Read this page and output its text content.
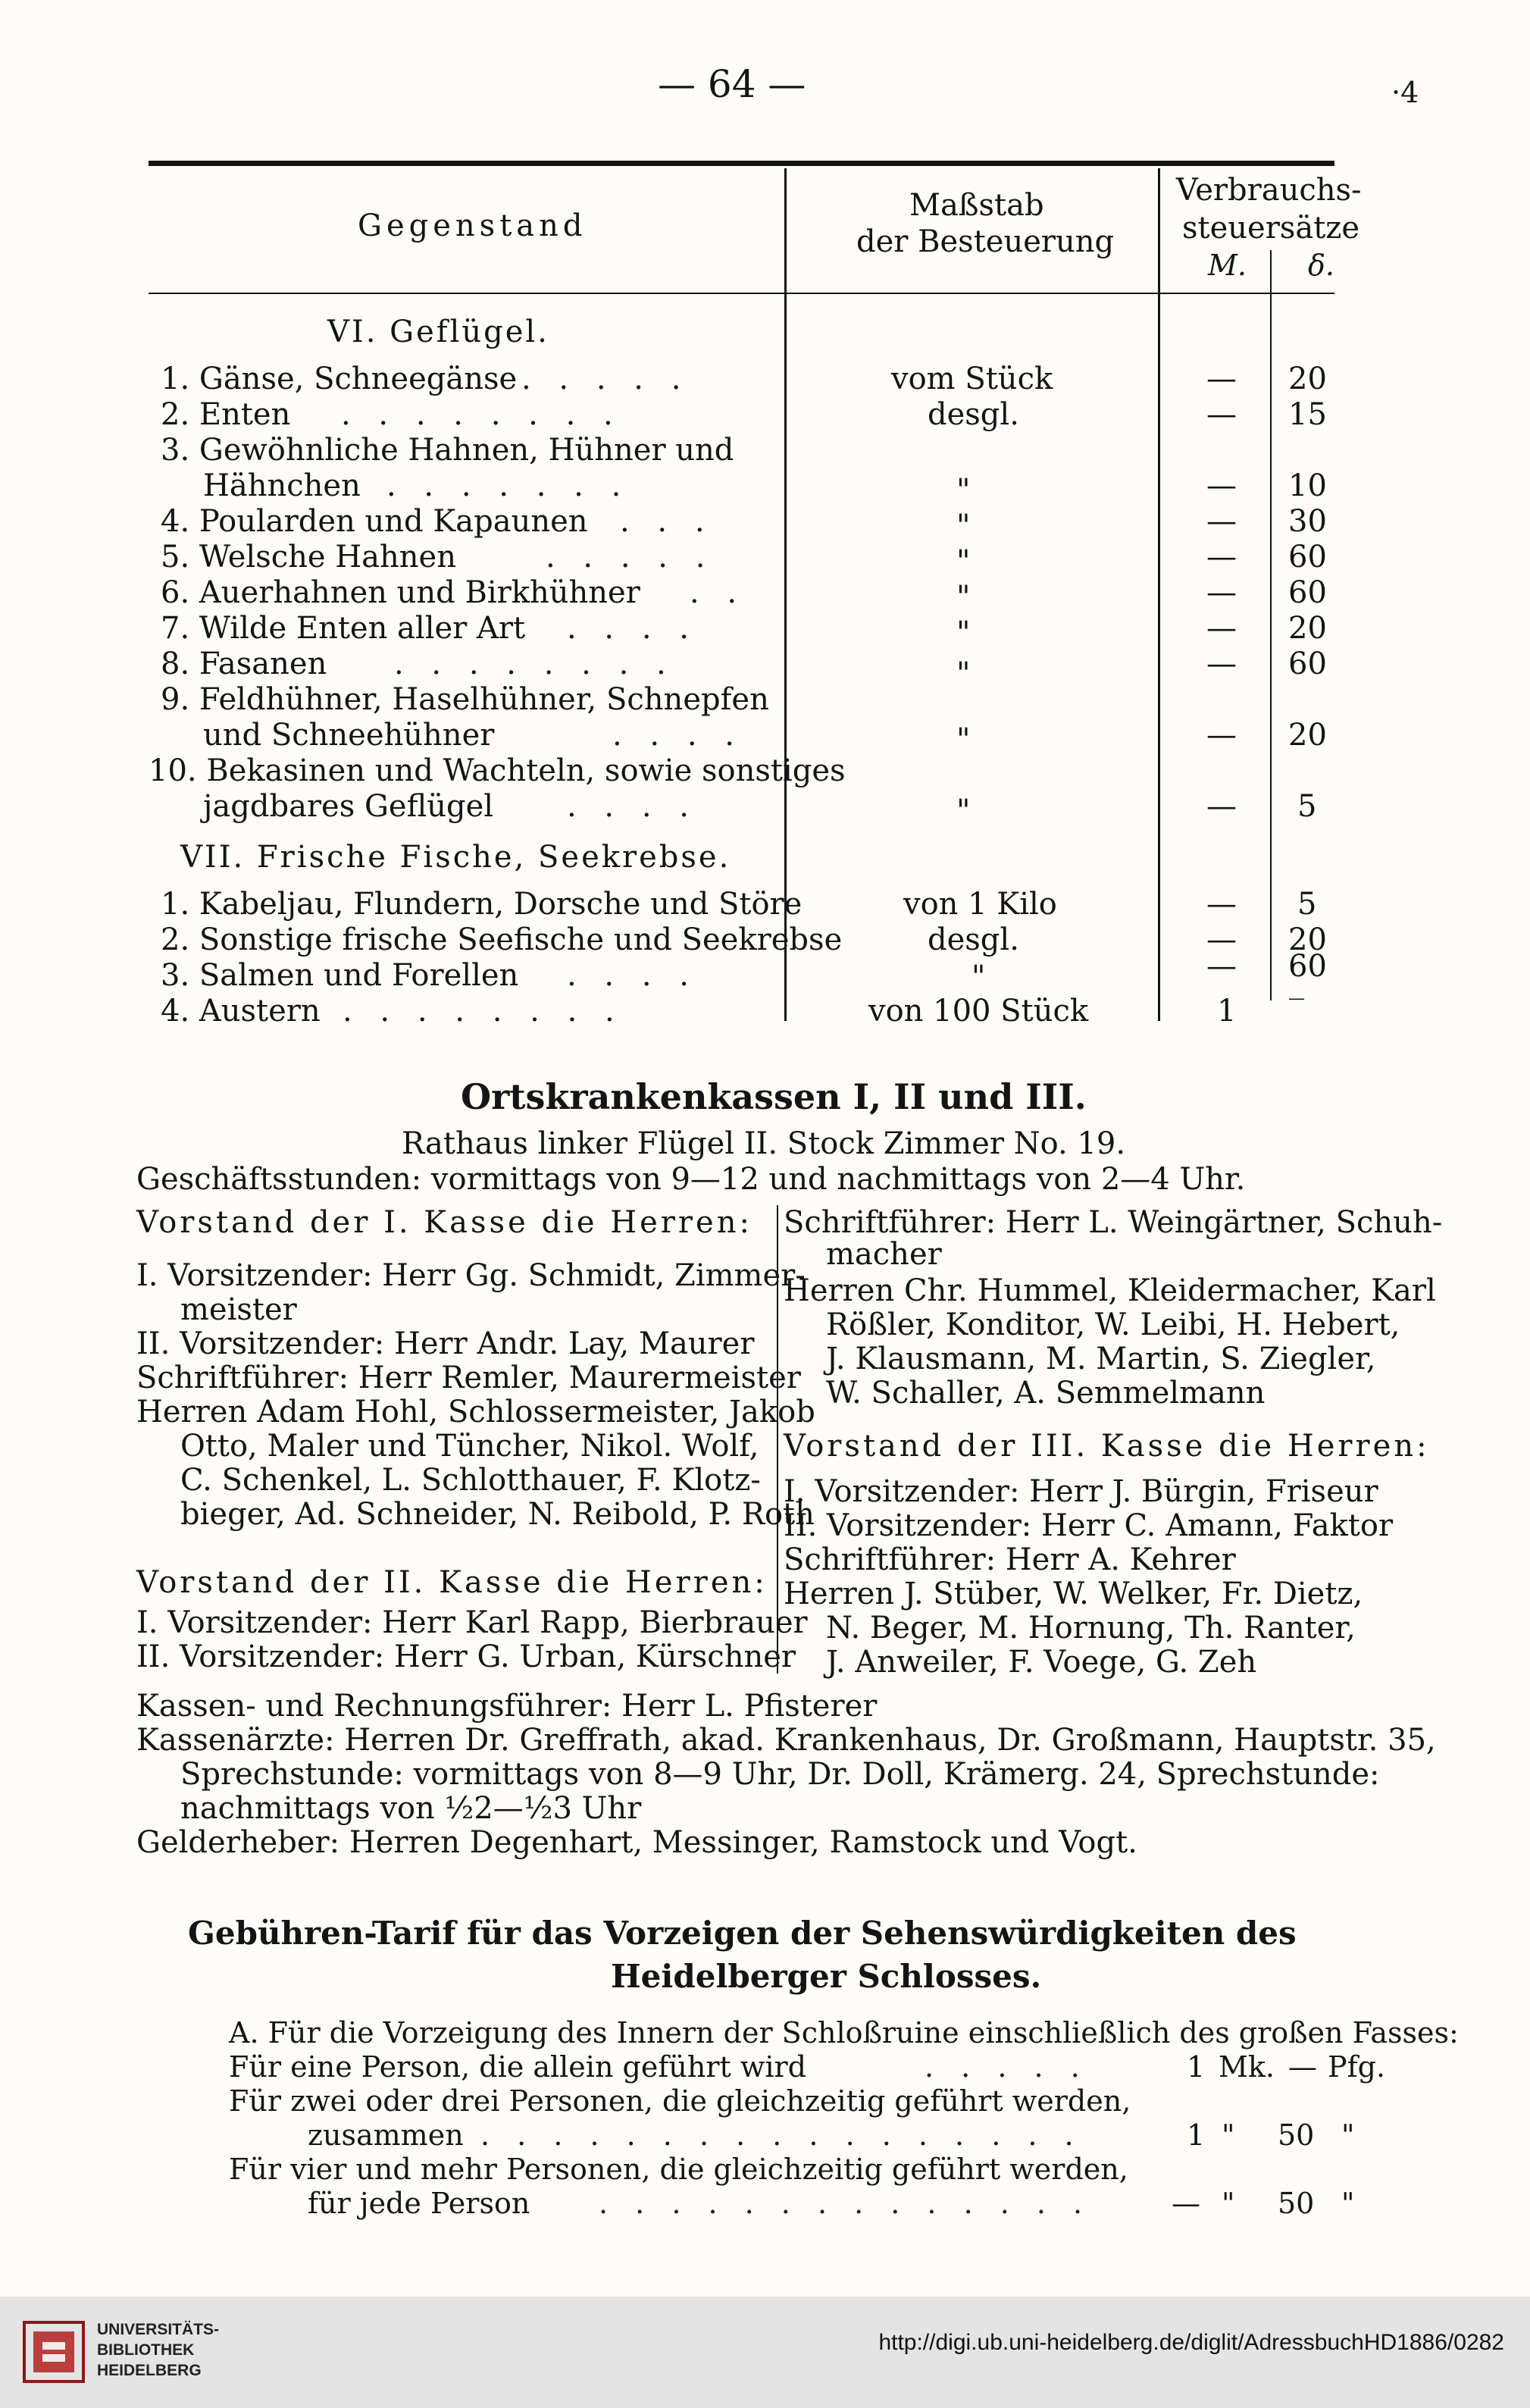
— 64 —	·4
Gegenstand
Maßstab
der Besteuerung
Verbrauchs-
steuersätze
M. δ.
VI. Geflügel.
1. Gänse, Schneegänse . . . . .	vom Stück	— 20
2. Enten . . . . . . . .	desgl.	— 15
3. Gewöhnliche Hahnen, Hühner und
Hähnchen . . . . . . .	"	— 10
4. Poularden und Kapaunen . . .	"	— 30
5. Welsche Hahnen	. . . . .	"	— 60
6. Auerhahnen und Birkhühner . .	"	— 60
7. Wilde Enten aller Art . . . .	"	— 20
8. Fasanen . . . . . . . .	"	— 60
9. Feldhühner, Haselhühner, Schnepfen
und Schneehühner	. . . .	"	— 20
10. Bekasinen und Wachteln, sowie sonstiges
jagdbares Geflügel . . . .	"	— 5
VII. Frische Fische, Seekrebse.
1. Kabeljau, Flundern, Dorsche und Störe	von 1 Kilo	— 5
2. Sonstige frische Seefische und Seekrebse	desgl.	— 20
3. Salmen und Forellen . . . .	"	— 60
4. Austern . . . . . . . .	von 100 Stück	1	—
Ortskrankenkassen I, II und III.
Rathaus linker Flügel II. Stock Zimmer No. 19.
Geschäftsstunden: vormittags von 9—12 und nachmittags von 2—4 Uhr.
Vorstand der I. Kasse die Herren:
I. Vorsitzender: Herr Gg. Schmidt, Zimmer-
meister
II. Vorsitzender: Herr Andr. Lay, Maurer
Schriftführer: Herr Remler, Maurermeister
Herren Adam Hohl, Schlossermeister, Jakob
Otto, Maler und Tüncher, Nikol. Wolf,
C. Schenkel, L. Schlotthauer, F. Klotz-
bieger, Ad. Schneider, N. Reibold, P. Roth
Vorstand der II. Kasse die Herren:
I. Vorsitzender: Herr Karl Rapp, Bierbrauer
II. Vorsitzender: Herr G. Urban, Kürschner
Schriftführer: Herr L. Weingärtner, Schuh-
macher
Herren Chr. Hummel, Kleidermacher, Karl
Rößler, Konditor, W. Leibi, H. Hebert,
J. Klausmann, M. Martin, S. Ziegler,
W. Schaller, A. Semmelmann
Vorstand der III. Kasse die Herren:
I. Vorsitzender: Herr J. Bürgin, Friseur
II. Vorsitzender: Herr C. Amann, Faktor
Schriftführer: Herr A. Kehrer
Herren J. Stüber, W. Welker, Fr. Dietz,
N. Beger, M. Hornung, Th. Ranter,
J. Anweiler, F. Voege, G. Zeh
Kassen- und Rechnungsführer: Herr L. Pfisterer
Kassenärzte: Herren Dr. Greffrath, akad. Krankenhaus, Dr. Großmann, Hauptstr. 35,
Sprechstunde: vormittags von 8—9 Uhr, Dr. Doll, Krämerg. 24, Sprechstunde:
nachmittags von ½2—½3 Uhr
Gelderheber: Herren Degenhart, Messinger, Ramstock und Vogt.
Gebühren-Tarif für das Vorzeigen der Sehenswürdigkeiten des
Heidelberger Schlosses.
A. Für die Vorzeigung des Innern der Schloßruine einschließlich des großen Fasses:
Für eine Person, die allein geführt wird	. . . . .	1 Mk. — Pfg.
Für zwei oder drei Personen, die gleichzeitig geführt werden,
zusammen . . . . . . . . . . . . . . . . .	1 " 50 "
Für vier und mehr Personen, die gleichzeitig geführt werden,
für jede Person . . . . . . . . . . . . . .	— " 50 "
UNIVERSITÄTS-
BIBLIOTHEK
HEIDELBERG
http://digi.ub.uni-heidelberg.de/diglit/AdressbuchHD1886/0282
